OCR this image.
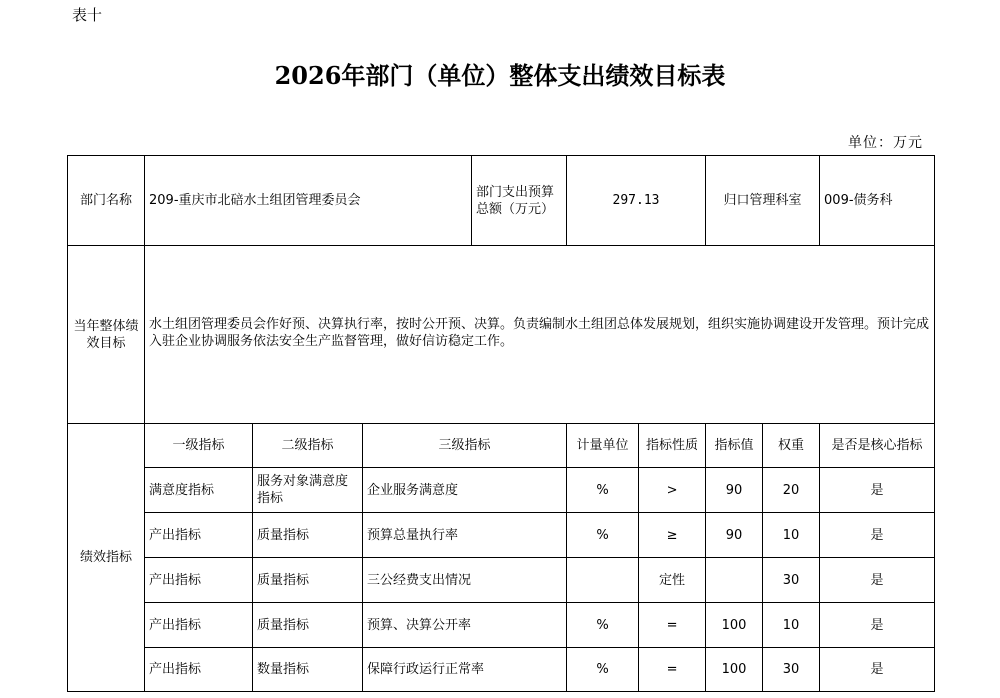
表十
2026年部门（单位）整体支出绩效目标表
单位：万元
部门名称	209-重庆市北碚水土组团管理委员会			部门支出预算总额（万元）	297.13		归口管理科室		009-债务科
当年整体绩效目标	水土组团管理委员会作好预、决算执行率，按时公开预、决算。负责编制水土组团总体发展规划，组织实施协调建设开发管理。预计完成入驻企业协调服务依法安全生产监督管理，做好信访稳定工作。								
绩效指标	一级指标	二级指标	三级指标		计量单位	指标性质	指标值	权重	是否是核心指标
	满意度指标	服务对象满意度指标	企业服务满意度		%	>	90	20	是
	产出指标	质量指标	预算总量执行率		%	≥	90	10	是
	产出指标	质量指标	三公经费支出情况			定性		30	是
	产出指标	质量指标	预算、决算公开率		%	=	100	10	是
	产出指标	数量指标	保障行政运行正常率		%	=	100	30	是
